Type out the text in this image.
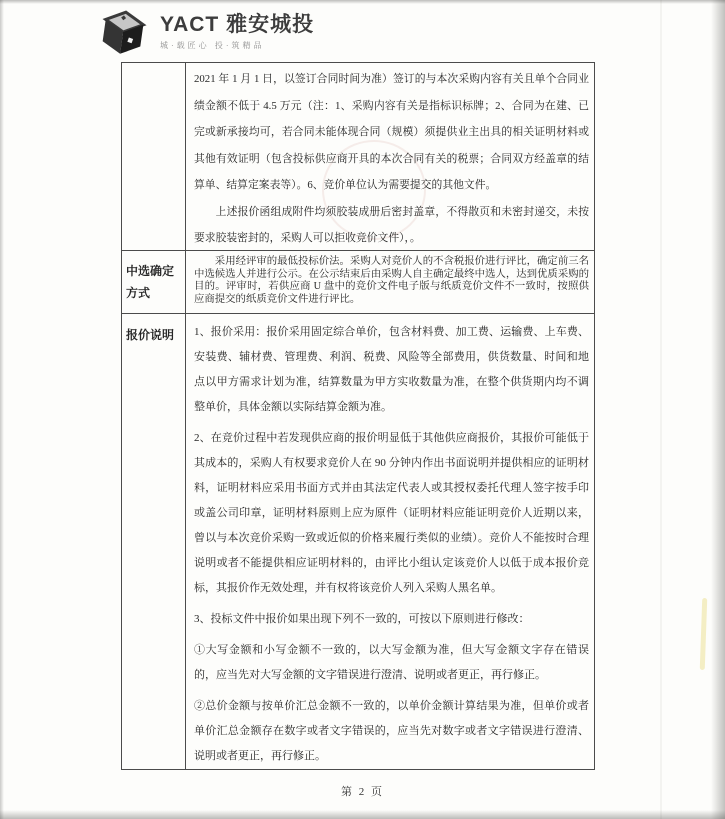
YACT 雅安城投
城·载匠心 投·筑精品

2021 年 1 月 1 日，以签订合同时间为准）签订的与本次采购内容有关且单个合同业绩金额不低于 4.5 万元（注：1、采购内容有关是指标识标牌；2、合同为在建、已完或新承接均可，若合同未能体现合同（规模）须提供业主出具的相关证明材料或其他有效证明（包含投标供应商开具的本次合同有关的税票；合同双方经盖章的结算单、结算定案表等）。6、竞价单位认为需要提交的其他文件。

上述报价函组成附件均须胶装成册后密封盖章，不得散页和未密封递交，未按要求胶装密封的，采购人可以拒收竞价文件），。

中选确定方式

采用经评审的最低投标价法。采购人对竞价人的不含税报价进行评比，确定前三名中选候选人并进行公示。在公示结束后由采购人自主确定最终中选人，达到优质采购的目的。评审时，若供应商 U 盘中的竞价文件电子版与纸质竞价文件不一致时，按照供应商提交的纸质竞价文件进行评比。

报价说明	1、报价采用：报价采用固定综合单价，包含材料费、加工费、运输费、上车费、安装费、辅材费、管理费、利润、税费、风险等全部费用，供货数量、时间和地点以甲方需求计划为准，结算数量为甲方实收数量为准，在整个供货期内均不调整单价，具体金额以实际结算金额为准。

2、在竞价过程中若发现供应商的报价明显低于其他供应商报价，其报价可能低于其成本的，采购人有权要求竞价人在 90 分钟内作出书面说明并提供相应的证明材料，证明材料应采用书面方式并由其法定代表人或其授权委托代理人签字按手印或盖公司印章，证明材料原则上应为原件（证明材料应能证明竞价人近期以来，曾以与本次竞价采购一致或近似的价格来履行类似的业绩）。竞价人不能按时合理说明或者不能提供相应证明材料的，由评比小组认定该竞价人以低于成本报价竞标，其报价作无效处理，并有权将该竞价人列入采购人黑名单。

3、投标文件中报价如果出现下列不一致的，可按以下原则进行修改：

①大写金额和小写金额不一致的，以大写金额为准，但大写金额文字存在错误的，应当先对大写金额的文字错误进行澄清、说明或者更正，再行修正。

②总价金额与按单价汇总金额不一致的，以单价金额计算结果为准，但单价或者单价汇总金额存在数字或者文字错误的，应当先对数字或者文字错误进行澄清、说明或者更正，再行修正。

第 2 页
